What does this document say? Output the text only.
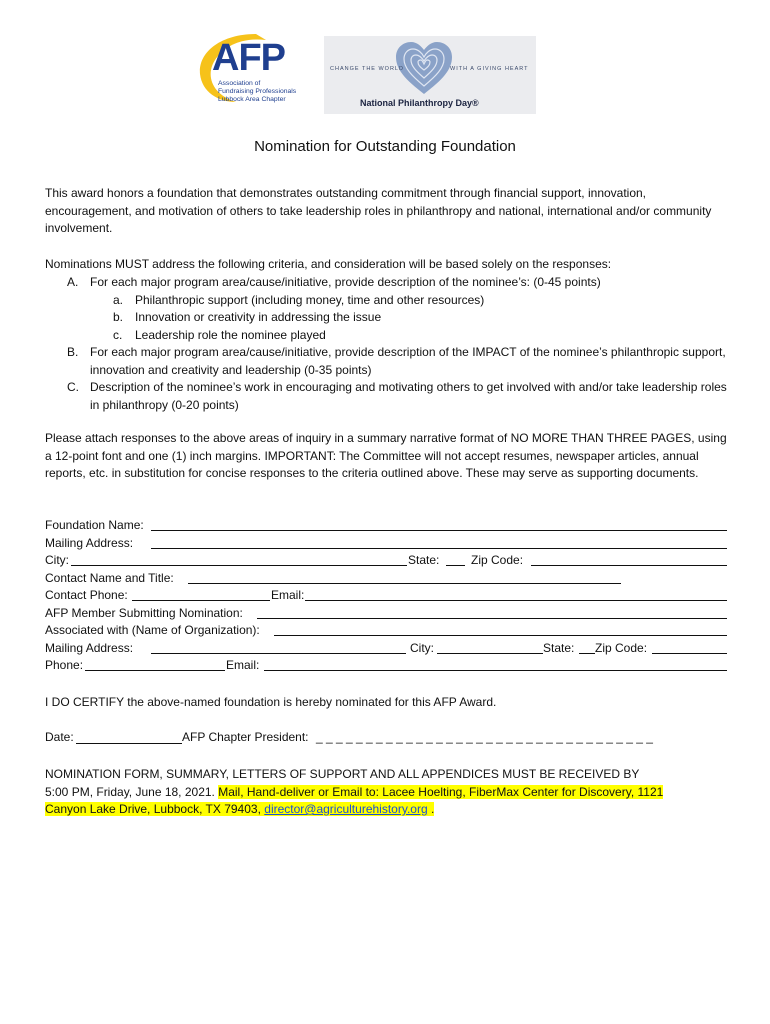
AFP
Association of
Fundraising Professionals
Lubbock Area Chapter
CHANGE THE WORLD	WITH A GIVING HEART
National Philanthropy Day®
Nomination for Outstanding Foundation
This award honors a foundation that demonstrates outstanding commitment through financial support, innovation, encouragement, and motivation of others to take leadership roles in philanthropy and national, international and/or community involvement.
Nominations MUST address the following criteria, and consideration will be based solely on the responses:
A. For each major program area/cause/initiative, provide description of the nominee’s: (0-45 points)
a. Philanthropic support (including money, time and other resources)
b. Innovation or creativity in addressing the issue
c. Leadership role the nominee played
B. For each major program area/cause/initiative, provide description of the IMPACT of the nominee’s philanthropic support, innovation and creativity and leadership (0-35 points)
C. Description of the nominee’s work in encouraging and motivating others to get involved with and/or take leadership roles in philanthropy (0-20 points)
Please attach responses to the above areas of inquiry in a summary narrative format of NO MORE THAN THREE PAGES, using a 12-point font and one (1) inch margins. IMPORTANT: The Committee will not accept resumes, newspaper articles, annual reports, etc. in substitution for concise responses to the criteria outlined above. These may serve as supporting documents.
Foundation Name:
Mailing Address:
City:	State:	Zip Code:
Contact Name and Title:
Contact Phone:	Email:
AFP Member Submitting Nomination:
Associated with (Name of Organization):
Mailing Address:	City:	State: Zip Code:
Phone:	Email:
I DO CERTIFY the above-named foundation is hereby nominated for this AFP Award.
Date:	AFP Chapter President: _ _ _ _ _ _ _ _ _ _ _ _ _ _ _ _ _ _ _ _ _ _ _ _ _ _ _ _ _ _ _ _ _ _
NOMINATION FORM, SUMMARY, LETTERS OF SUPPORT AND ALL APPENDICES MUST BE RECEIVED BY
5:00 PM, Friday, June 18, 2021. Mail, Hand-deliver or Email to: Lacee Hoelting, FiberMax Center for Discovery, 1121
Canyon Lake Drive, Lubbock, TX 79403, director@agriculturehistory.org .
